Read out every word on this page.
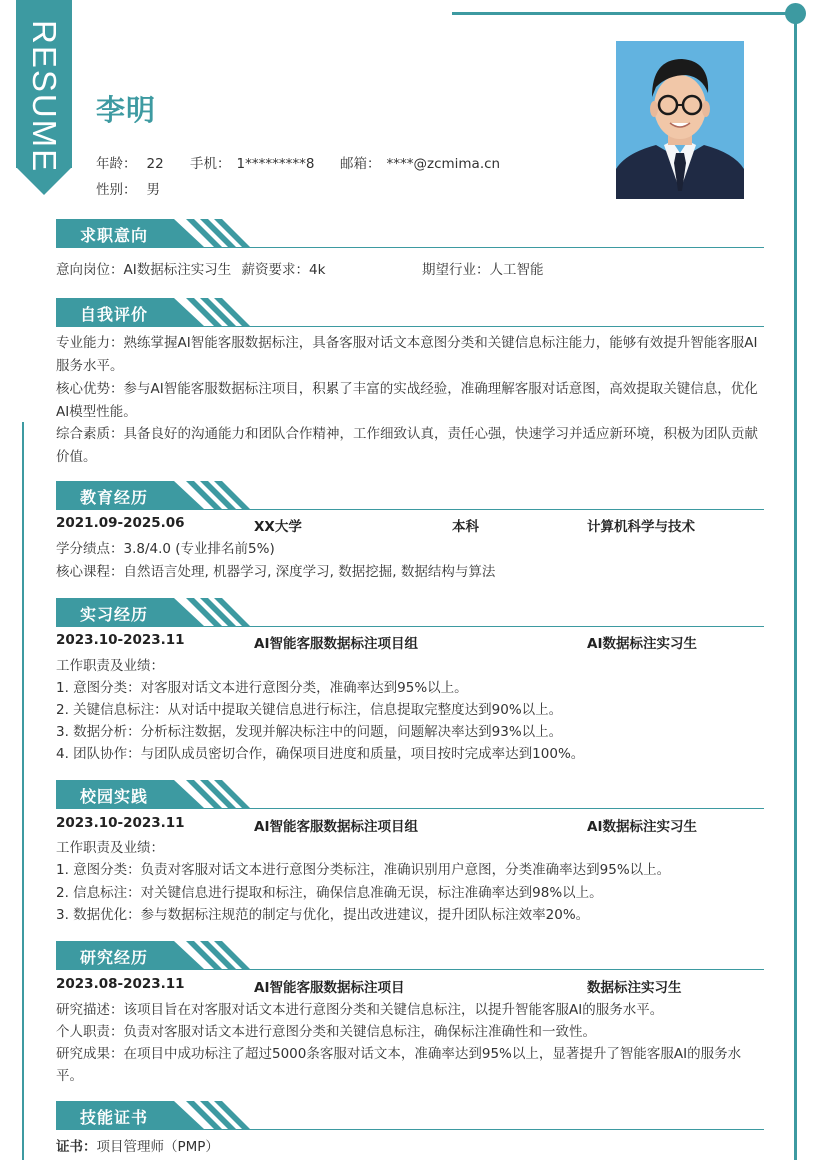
RESUME 李明
年龄： 22 手机： 1*********8 邮箱： ****@zcmima.cn
性别： 男
求职意向
意向岗位：AI数据标注实习生 薪资要求：4k	期望行业：人工智能
自我评价
专业能力：熟练掌握AI智能客服数据标注，具备客服对话文本意图分类和关键信息标注能力，能够有效提升智能客服AI服务水平。
核心优势：参与AI智能客服数据标注项目，积累了丰富的实战经验，准确理解客服对话意图，高效提取关键信息，优化AI模型性能。
综合素质：具备良好的沟通能力和团队合作精神，工作细致认真，责任心强，快速学习并适应新环境，积极为团队贡献价值。
教育经历
2021.09-2025.06	XX大学	本科	计算机科学与技术
学分绩点：3.8/4.0 (专业排名前5%)
核心课程：自然语言处理, 机器学习, 深度学习, 数据挖掘, 数据结构与算法
实习经历
2023.10-2023.11	AI智能客服数据标注项目组	AI数据标注实习生
工作职责及业绩：
1. 意图分类：对客服对话文本进行意图分类，准确率达到95%以上。
2. 关键信息标注：从对话中提取关键信息进行标注，信息提取完整度达到90%以上。
3. 数据分析：分析标注数据，发现并解决标注中的问题，问题解决率达到93%以上。
4. 团队协作：与团队成员密切合作，确保项目进度和质量，项目按时完成率达到100%。
校园实践
2023.10-2023.11	AI智能客服数据标注项目组	AI数据标注实习生
工作职责及业绩：
1. 意图分类：负责对客服对话文本进行意图分类标注，准确识别用户意图，分类准确率达到95%以上。
2. 信息标注：对关键信息进行提取和标注，确保信息准确无误，标注准确率达到98%以上。
3. 数据优化：参与数据标注规范的制定与优化，提出改进建议，提升团队标注效率20%。
研究经历
2023.08-2023.11	AI智能客服数据标注项目	数据标注实习生
研究描述：该项目旨在对客服对话文本进行意图分类和关键信息标注，以提升智能客服AI的服务水平。
个人职责：负责对客服对话文本进行意图分类和关键信息标注，确保标注准确性和一致性。
研究成果：在项目中成功标注了超过5000条客服对话文本，准确率达到95%以上，显著提升了智能客服AI的服务水平。
技能证书
证书：项目管理师（PMP）
